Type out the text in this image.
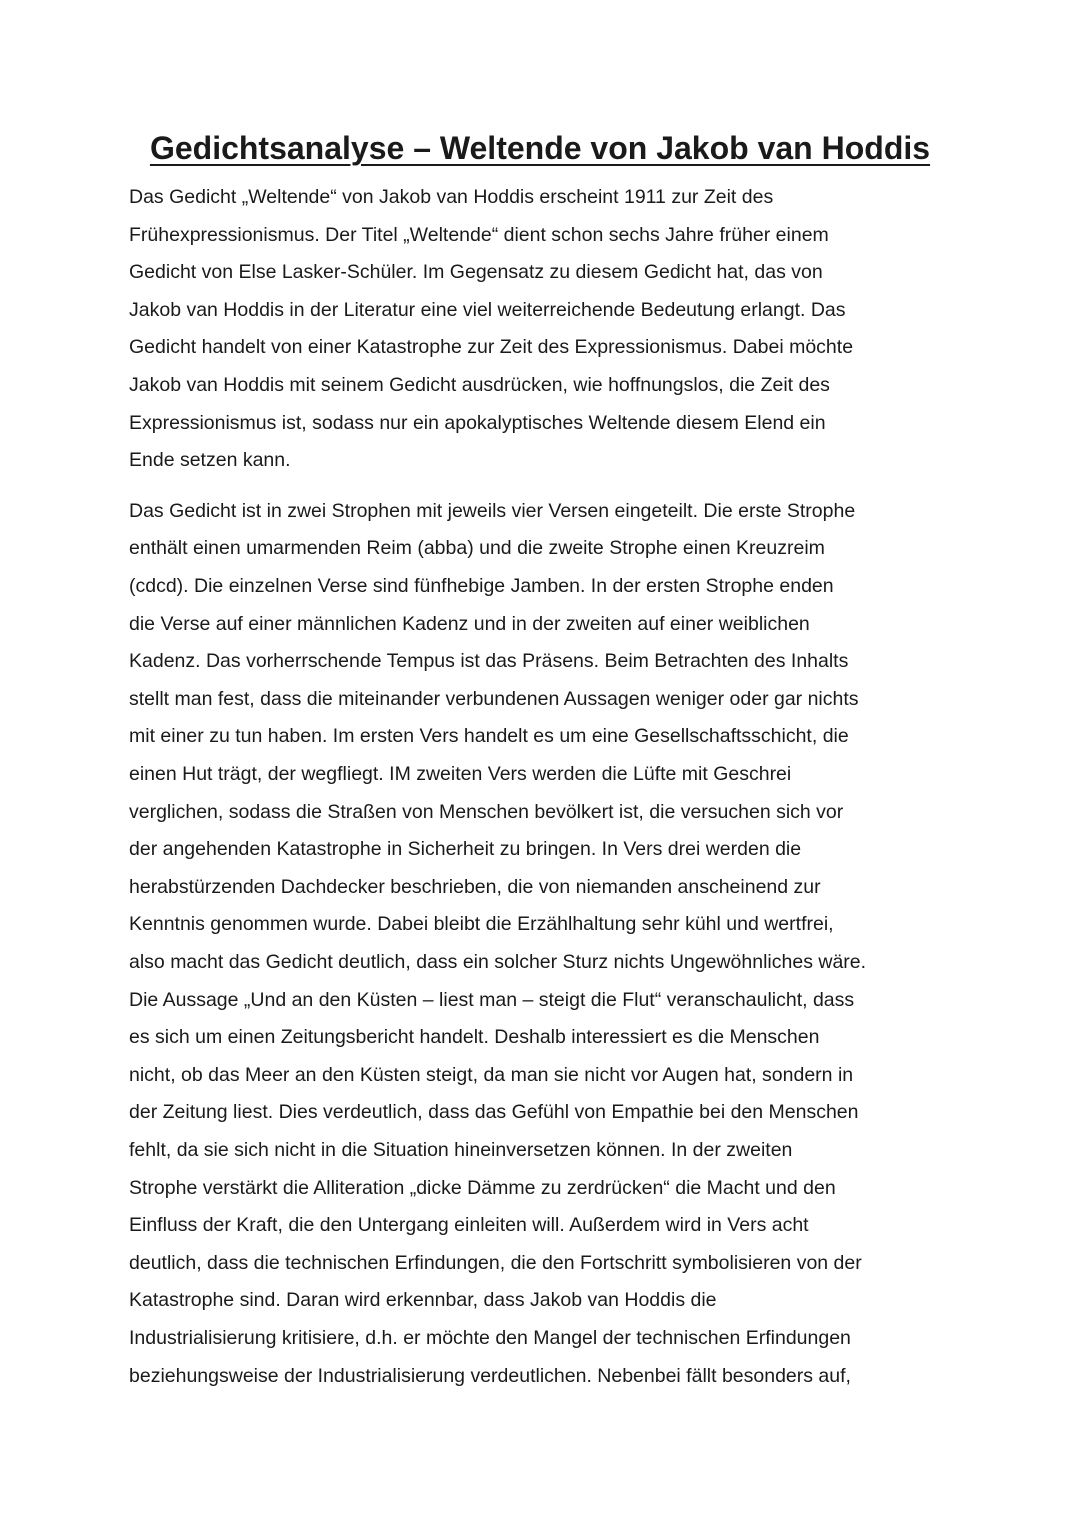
Gedichtsanalyse – Weltende von Jakob van Hoddis
Das Gedicht „Weltende“ von Jakob van Hoddis erscheint 1911 zur Zeit des
Frühexpressionismus. Der Titel „Weltende“ dient schon sechs Jahre früher einem
Gedicht von Else Lasker-Schüler. Im Gegensatz zu diesem Gedicht hat, das von
Jakob van Hoddis in der Literatur eine viel weiterreichende Bedeutung erlangt. Das
Gedicht handelt von einer Katastrophe zur Zeit des Expressionismus. Dabei möchte
Jakob van Hoddis mit seinem Gedicht ausdrücken, wie hoffnungslos, die Zeit des
Expressionismus ist, sodass nur ein apokalyptisches Weltende diesem Elend ein
Ende setzen kann.
Das Gedicht ist in zwei Strophen mit jeweils vier Versen eingeteilt. Die erste Strophe
enthält einen umarmenden Reim (abba) und die zweite Strophe einen Kreuzreim
(cdcd). Die einzelnen Verse sind fünfhebige Jamben. In der ersten Strophe enden
die Verse auf einer männlichen Kadenz und in der zweiten auf einer weiblichen
Kadenz. Das vorherrschende Tempus ist das Präsens. Beim Betrachten des Inhalts
stellt man fest, dass die miteinander verbundenen Aussagen weniger oder gar nichts
mit einer zu tun haben. Im ersten Vers handelt es um eine Gesellschaftsschicht, die
einen Hut trägt, der wegfliegt. IM zweiten Vers werden die Lüfte mit Geschrei
verglichen, sodass die Straßen von Menschen bevölkert ist, die versuchen sich vor
der angehenden Katastrophe in Sicherheit zu bringen. In Vers drei werden die
herabstürzenden Dachdecker beschrieben, die von niemanden anscheinend zur
Kenntnis genommen wurde. Dabei bleibt die Erzählhaltung sehr kühl und wertfrei,
also macht das Gedicht deutlich, dass ein solcher Sturz nichts Ungewöhnliches wäre.
Die Aussage „Und an den Küsten – liest man – steigt die Flut“ veranschaulicht, dass
es sich um einen Zeitungsbericht handelt. Deshalb interessiert es die Menschen
nicht, ob das Meer an den Küsten steigt, da man sie nicht vor Augen hat, sondern in
der Zeitung liest. Dies verdeutlich, dass das Gefühl von Empathie bei den Menschen
fehlt, da sie sich nicht in die Situation hineinversetzen können. In der zweiten
Strophe verstärkt die Alliteration „dicke Dämme zu zerdrücken“ die Macht und den
Einfluss der Kraft, die den Untergang einleiten will. Außerdem wird in Vers acht
deutlich, dass die technischen Erfindungen, die den Fortschritt symbolisieren von der
Katastrophe sind. Daran wird erkennbar, dass Jakob van Hoddis die
Industrialisierung kritisiere, d.h. er möchte den Mangel der technischen Erfindungen
beziehungsweise der Industrialisierung verdeutlichen. Nebenbei fällt besonders auf,
